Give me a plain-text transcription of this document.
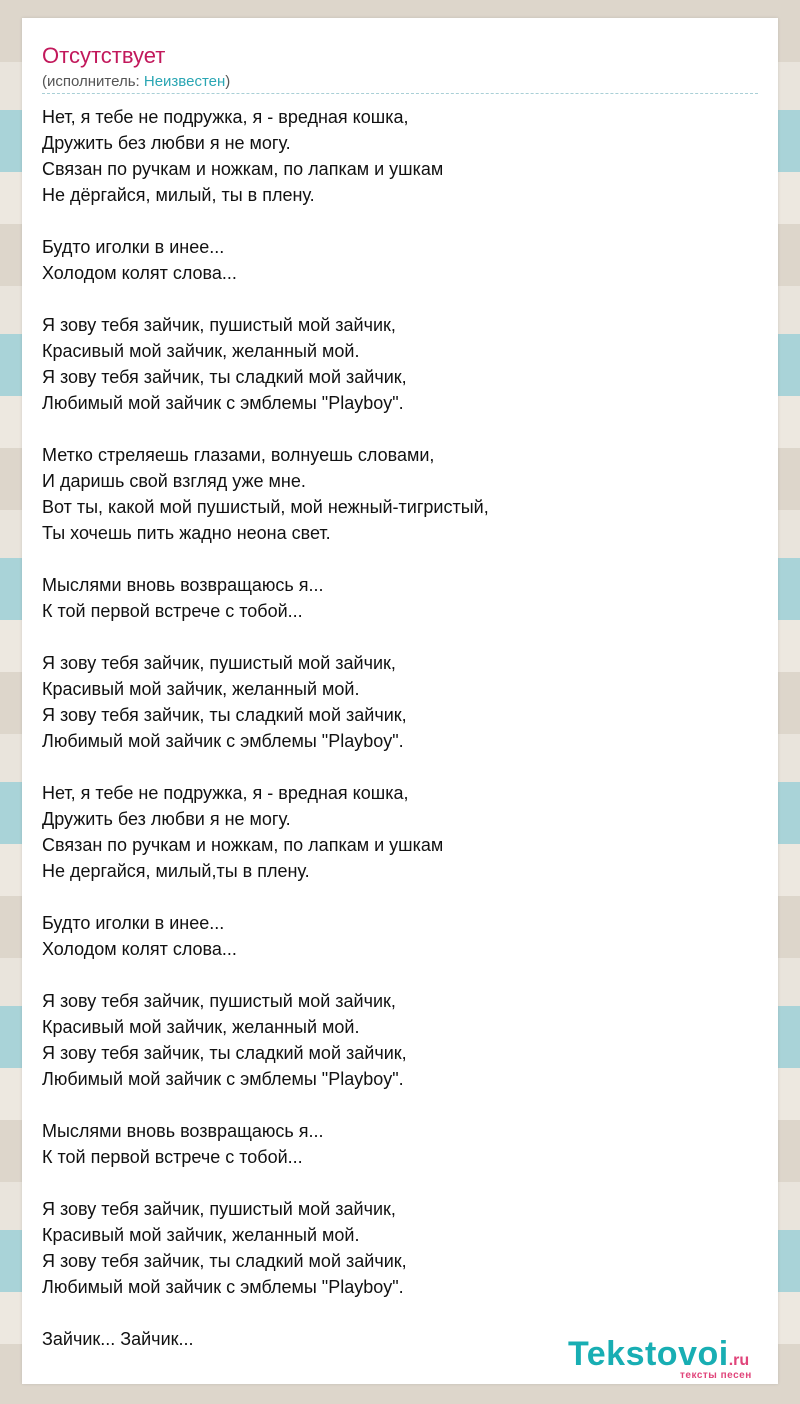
Отсутствует
(исполнитель: Неизвестен)
Нет, я тебе не подружка, я - вредная кошка,
Дружить без любви я не могу.
Связан по ручкам и ножкам, по лапкам и ушкам
Не дёргайся, милый, ты в плену.
Будто иголки в инее...
Холодом колят слова...
Я зову тебя зайчик, пушистый мой зайчик,
Красивый мой зайчик, желанный мой.
Я зову тебя зайчик, ты сладкий мой зайчик,
Любимый мой зайчик с эмблемы "Playboy".
Метко стреляешь глазами, волнуешь словами,
И даришь свой взгляд уже мне.
Вот ты, какой мой пушистый, мой нежный-тигристый,
Ты хочешь пить жадно неона свет.
Мыслями вновь возвращаюсь я...
К той первой встрече с тобой...
Я зову тебя зайчик, пушистый мой зайчик,
Красивый мой зайчик, желанный мой.
Я зову тебя зайчик, ты сладкий мой зайчик,
Любимый мой зайчик с эмблемы "Playboy".
Нет, я тебе не подружка, я - вредная кошка,
Дружить без любви я не могу.
Связан по ручкам и ножкам, по лапкам и ушкам
Не дергайся, милый,ты в плену.
Будто иголки в инее...
Холодом колят слова...
Я зову тебя зайчик, пушистый мой зайчик,
Красивый мой зайчик, желанный мой.
Я зову тебя зайчик, ты сладкий мой зайчик,
Любимый мой зайчик с эмблемы "Playboy".
Мыслями вновь возвращаюсь я...
К той первой встрече с тобой...
Я зову тебя зайчик, пушистый мой зайчик,
Красивый мой зайчик, желанный мой.
Я зову тебя зайчик, ты сладкий мой зайчик,
Любимый мой зайчик с эмблемы "Playboy".
Зайчик... Зайчик...	Tekstovoi.ru
тексты песен
